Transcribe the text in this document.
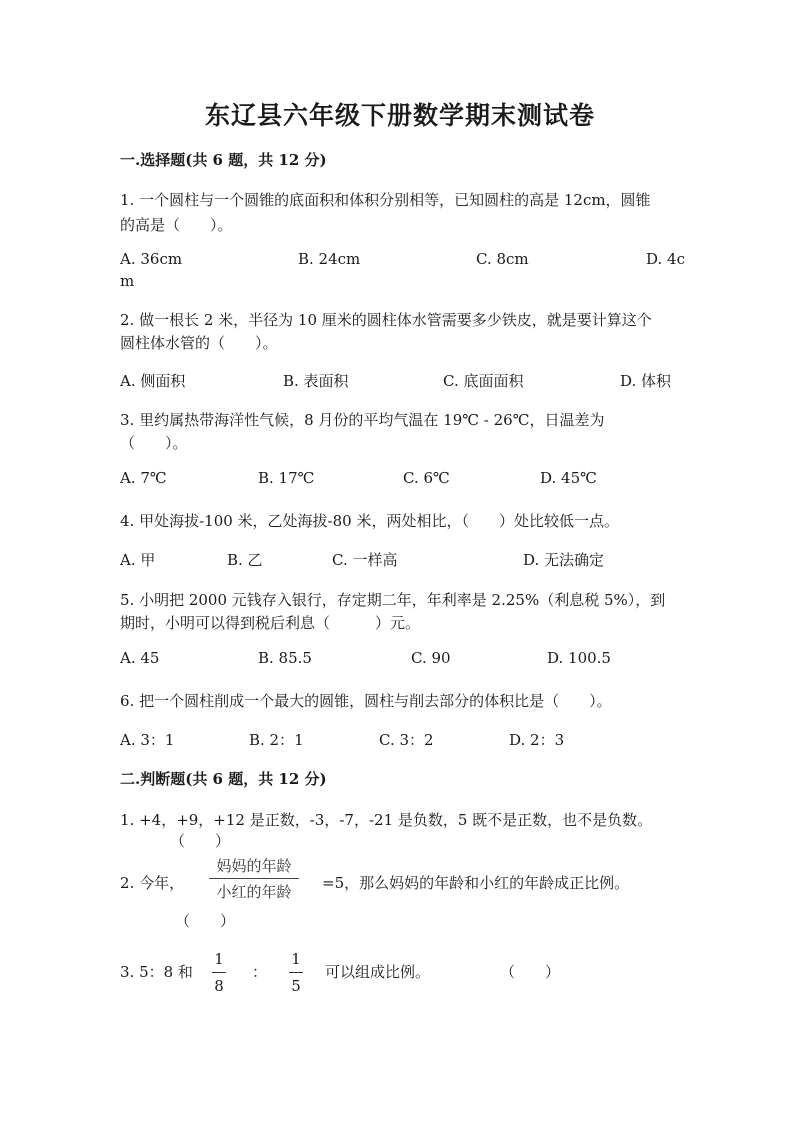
东辽县六年级下册数学期末测试卷
一.选择题(共 6 题，共 12 分)
1. 一个圆柱与一个圆锥的底面积和体积分别相等，已知圆柱的高是 12cm，圆锥
的高是（　　）。
A. 36cm	B. 24cm	C. 8cm	D. 4c
m
2. 做一根长 2 米，半径为 10 厘米的圆柱体水管需要多少铁皮，就是要计算这个
圆柱体水管的（　　）。
A. 侧面积	B. 表面积	C. 底面面积	D. 体积
3. 里约属热带海洋性气候，8 月份的平均气温在 19℃ - 26℃，日温差为
（　　）。
A. 7℃	B. 17℃	C. 6℃	D. 45℃
4. 甲处海拔-100 米，乙处海拔-80 米，两处相比，（　　）处比较低一点。
A. 甲	B. 乙	C. 一样高	D. 无法确定
5. 小明把 2000 元钱存入银行，存定期二年，年利率是 2.25%（利息税 5%），到
期时，小明可以得到税后利息（　　　）元。
A. 45	B. 85.5	C. 90	D. 100.5
6. 把一个圆柱削成一个最大的圆锥，圆柱与削去部分的体积比是（　　）。
A. 3：1	B. 2：1	C. 3：2	D. 2：3
二.判断题(共 6 题，共 12 分)
1. +4，+9，+12 是正数，-3，-7，-21 是负数，5 既不是正数，也不是负数。
（　　）
2. 今年，
妈妈的年龄
小红的年龄	=5，那么妈妈的年龄和小红的年龄成正比例。
（　　）
3. 5：8 和
1
8
：
1
5
可以组成比例。	（　　）
